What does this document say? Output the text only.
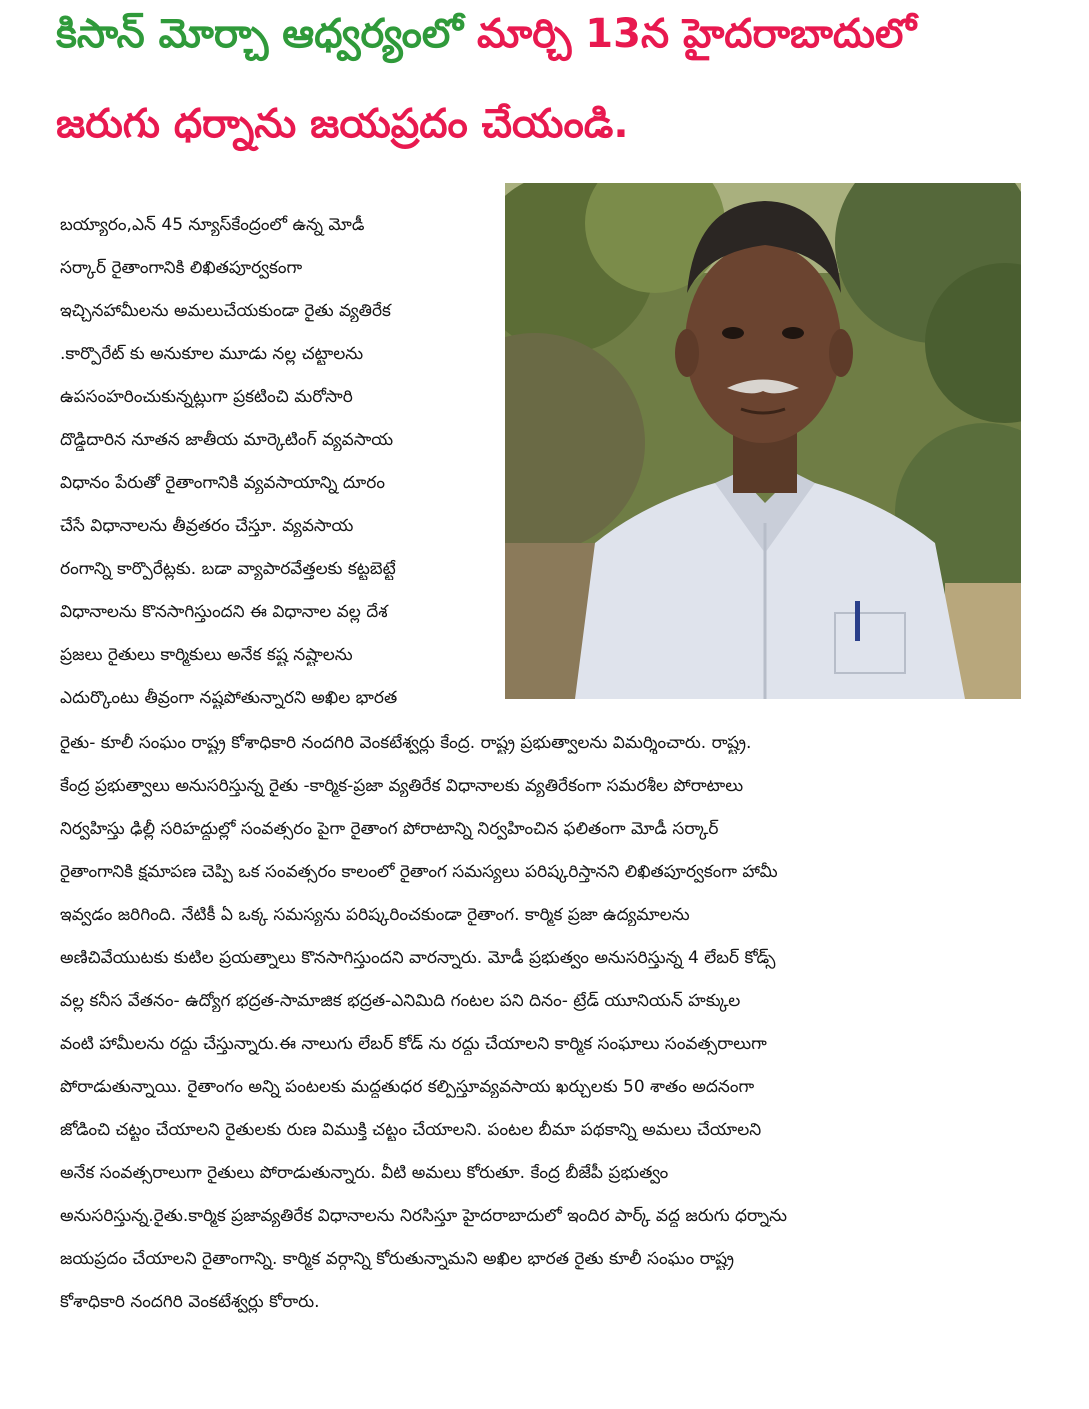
కిసాన్ మోర్చా ఆధ్వర్యంలో మార్చి 13న హైదరాబాదులో
జరుగు ధర్నాను జయప్రదం చేయండి.
బయ్యారం,ఎన్ 45 న్యూస్‌కేంద్రంలో ఉన్న మోడీ
సర్కార్ రైతాంగానికి లిఖితపూర్వకంగా
ఇచ్చినహామీలను అమలుచేయకుండా రైతు వ్యతిరేక
.కార్పొరేట్ కు అనుకూల మూడు నల్ల చట్టాలను
ఉపసంహరించుకున్నట్లుగా ప్రకటించి మరోసారి
దొడ్డిదారిన నూతన జాతీయ మార్కెటింగ్ వ్యవసాయ
విధానం పేరుతో రైతాంగానికి వ్యవసాయాన్ని దూరం
చేసే విధానాలను తీవ్రతరం చేస్తూ. వ్యవసాయ
రంగాన్ని కార్పొరేట్లకు. బడా వ్యాపారవేత్తలకు కట్టబెట్టే
విధానాలను కొనసాగిస్తుందని ఈ విధానాల వల్ల దేశ
ప్రజలు రైతులు కార్మికులు అనేక కష్ట నష్టాలను
ఎదుర్కొంటు తీవ్రంగా నష్టపోతున్నారని అఖిల భారత
రైతు- కూలీ సంఘం రాష్ట్ర కోశాధికారి నందగిరి వెంకటేశ్వర్లు కేంద్ర. రాష్ట్ర ప్రభుత్వాలను విమర్శించారు. రాష్ట్ర.
కేంద్ర ప్రభుత్వాలు అనుసరిస్తున్న రైతు -కార్మిక-ప్రజా వ్యతిరేక విధానాలకు వ్యతిరేకంగా సమరశీల పోరాటాలు
నిర్వహిస్తు ఢిల్లీ సరిహద్దుల్లో సంవత్సరం పైగా రైతాంగ పోరాటాన్ని నిర్వహించిన ఫలితంగా మోడీ సర్కార్
రైతాంగానికి క్షమాపణ చెప్పి ఒక సంవత్సరం కాలంలో రైతాంగ సమస్యలు పరిష్కరిస్తానని లిఖితపూర్వకంగా హామీ
ఇవ్వడం జరిగింది. నేటికీ ఏ ఒక్క సమస్యను పరిష్కరించకుండా రైతాంగ. కార్మిక ప్రజా ఉద్యమాలను
అణిచివేయుటకు కుటిల ప్రయత్నాలు కొనసాగిస్తుందని వారన్నారు. మోడీ ప్రభుత్వం అనుసరిస్తున్న 4 లేబర్ కోడ్స్
వల్ల కనీస వేతనం- ఉద్యోగ భద్రత-సామాజిక భద్రత-ఎనిమిది గంటల పని దినం- ట్రేడ్ యూనియన్ హక్కుల
వంటి హామీలను రద్దు చేస్తున్నారు.ఈ నాలుగు లేబర్ కోడ్ ను రద్దు చేయాలని కార్మిక సంఘాలు సంవత్సరాలుగా
పోరాడుతున్నాయి. రైతాంగం అన్ని పంటలకు మద్దతుధర కల్పిస్తూవ్యవసాయ ఖర్చులకు 50 శాతం అదనంగా
జోడించి చట్టం చేయాలని రైతులకు రుణ విముక్తి చట్టం చేయాలని. పంటల బీమా పథకాన్ని అమలు చేయాలని
అనేక సంవత్సరాలుగా రైతులు పోరాడుతున్నారు. వీటి అమలు కోరుతూ. కేంద్ర బీజేపీ ప్రభుత్వం
అనుసరిస్తున్న.రైతు.కార్మిక ప్రజావ్యతిరేక విధానాలను నిరసిస్తూ హైదరాబాదులో ఇందిర పార్క్ వద్ద జరుగు ధర్నాను
జయప్రదం చేయాలని రైతాంగాన్ని. కార్మిక వర్గాన్ని కోరుతున్నామని అఖిల భారత రైతు కూలీ సంఘం రాష్ట్ర
కోశాధికారి నందగిరి వెంకటేశ్వర్లు కోరారు.
